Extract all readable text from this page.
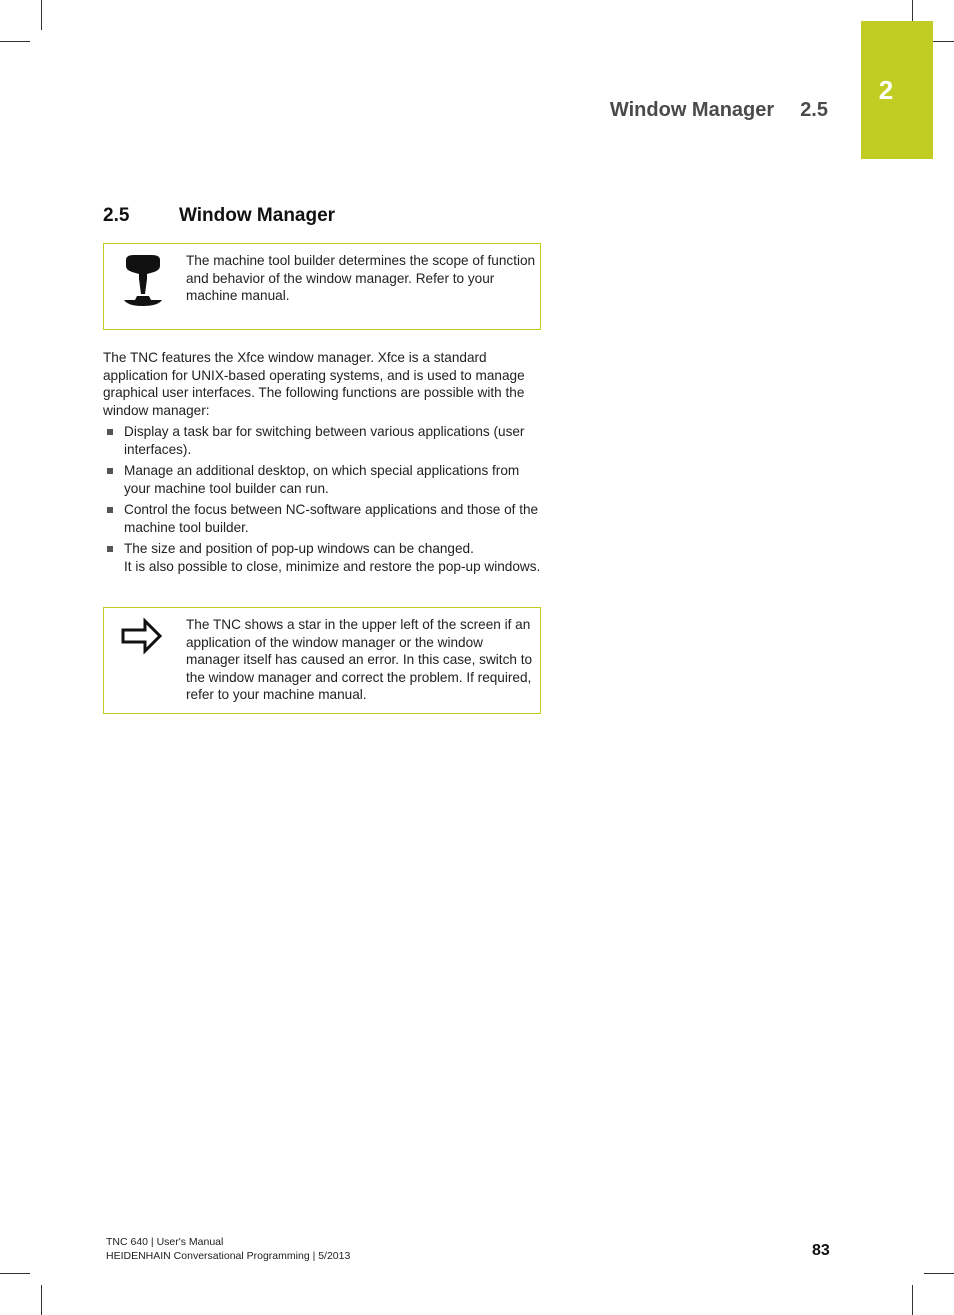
2
Window Manager 2.5
2.5	Window Manager
The machine tool builder determines the scope of function and behavior of the window manager. Refer to your machine manual.
The TNC features the Xfce window manager. Xfce is a standard application for UNIX-based operating systems, and is used to manage graphical user interfaces. The following functions are possible with the window manager:
Display a task bar for switching between various applications (user interfaces).
Manage an additional desktop, on which special applications from your machine tool builder can run.
Control the focus between NC-software applications and those of the machine tool builder.
The size and position of pop-up windows can be changed.
It is also possible to close, minimize and restore the pop-up windows.
The TNC shows a star in the upper left of the screen if an application of the window manager or the window manager itself has caused an error. In this case, switch to the window manager and correct the problem. If required, refer to your machine manual.
TNC 640 | User's Manual
HEIDENHAIN Conversational Programming | 5/2013	83
